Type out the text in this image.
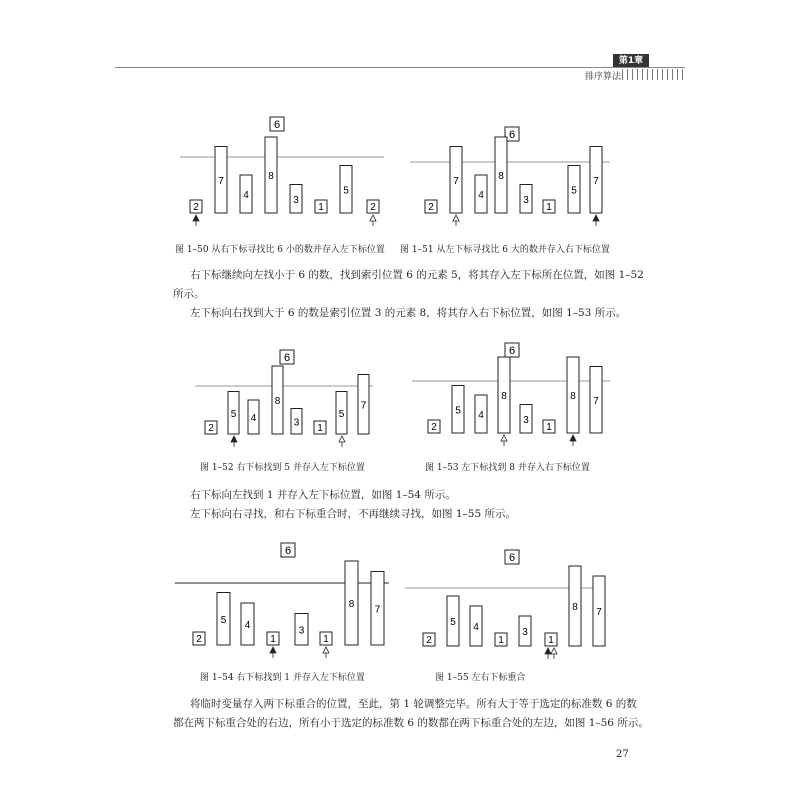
第1章
排序算法
6
2
7
4
8
3
1
5
2
6
2
7
4
8
3
1
5
7
6
2
5 4
8
3
1
5
7
6
2
5 4
8
3
1
8 7
6
2
5 4
1
3
1
8 7
6
2
5 4
1
3
1
8 7
图 1–50 从右下标寻找比 6 小的数并存入左下标位置 图 1–51 从左下标寻找比 6 大的数并存入右下标位置
图 1–52 右下标找到 5 并存入左下标位置	图 1–53 左下标找到 8 并存入右下标位置
图 1–54 右下标找到 1 并存入左下标位置	图 1–55 左右下标重合
右下标继续向左找小于 6 的数，找到索引位置 6 的元素 5，将其存入左下标所在位置，如图 1–52
所示。
左下标向右找到大于 6 的数是索引位置 3 的元素 8，将其存入右下标位置，如图 1–53 所示。
右下标向左找到 1 并存入左下标位置，如图 1–54 所示。
左下标向右寻找，和右下标重合时，不再继续寻找，如图 1–55 所示。
将临时变量存入两下标重合的位置，至此，第 1 轮调整完毕。所有大于等于选定的标准数 6 的数
都在两下标重合处的右边，所有小于选定的标准数 6 的数都在两下标重合处的左边，如图 1–56 所示。
27
